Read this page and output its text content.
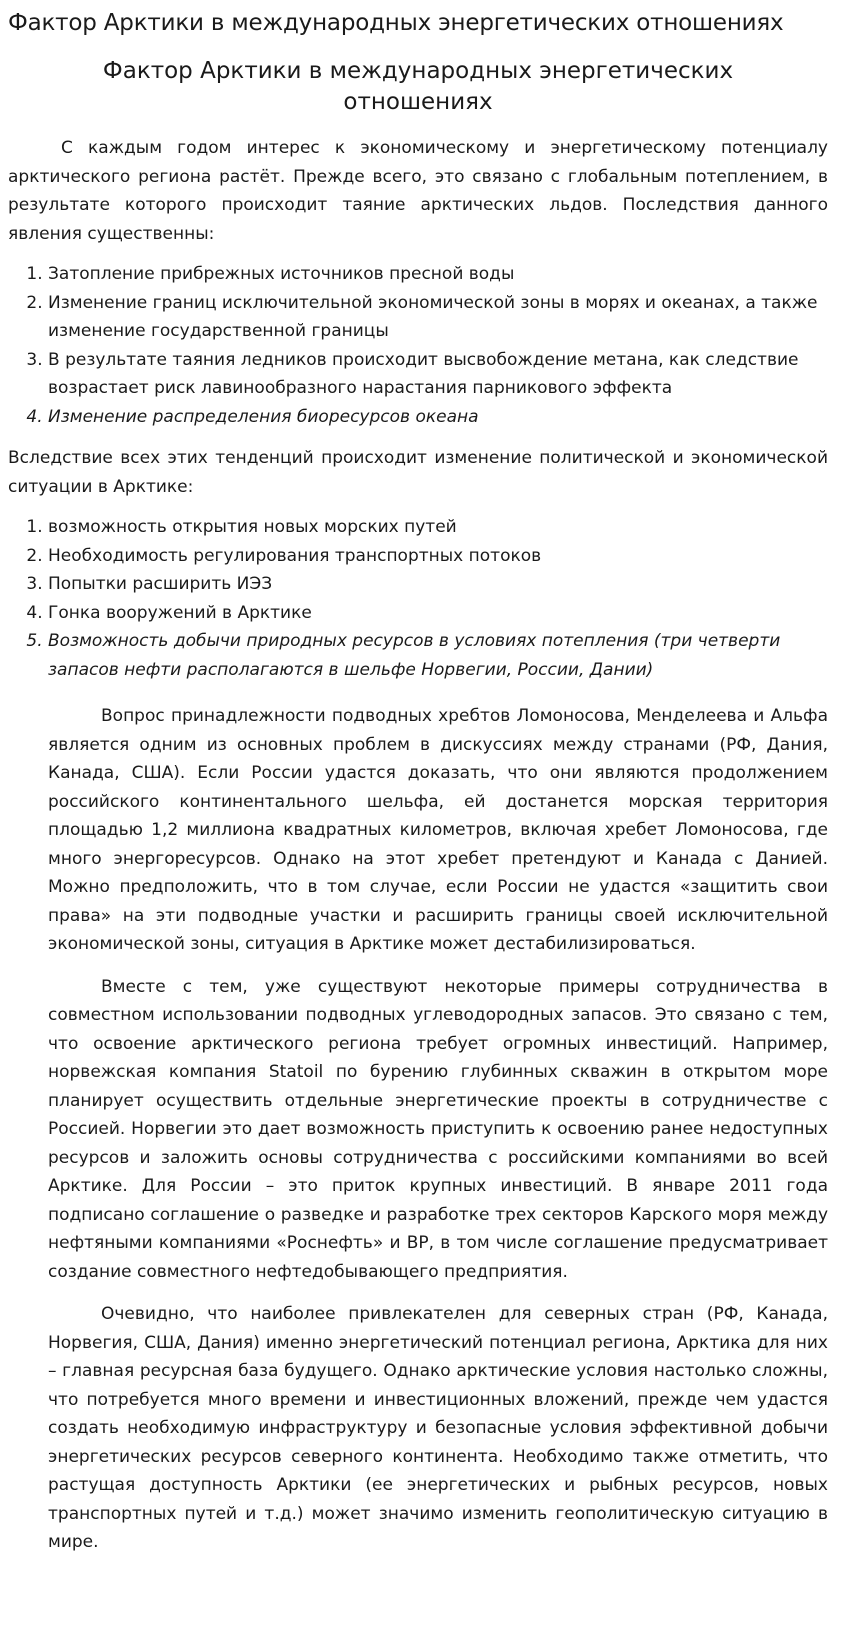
Фактор Арктики в международных энергетических отношениях
Фактор Арктики в международных энергетических отношениях

С каждым годом интерес к экономическому и энергетическому потенциалу арктического региона растёт. Прежде всего, это связано с глобальным потеплением, в результате которого происходит таяние арктических льдов. Последствия данного явления существенны:

1. Затопление прибрежных источников пресной воды
2. Изменение границ исключительной экономической зоны в морях и океанах, а также изменение государственной границы
3. В результате таяния ледников происходит высвобождение метана, как следствие возрастает риск лавинообразного нарастания парникового эффекта
4. Изменение распределения биоресурсов океана

Вследствие всех этих тенденций происходит изменение политической и экономической ситуации в Арктике:

1. возможность открытия новых морских путей
2. Необходимость регулирования транспортных потоков
3. Попытки расширить ИЭЗ
4. Гонка вооружений в Арктике
5. Возможность добычи природных ресурсов в условиях потепления (три четверти запасов нефти располагаются в шельфе Норвегии, России, Дании)

Вопрос принадлежности подводных хребтов Ломоносова, Менделеева и Альфа является одним из основных проблем в дискуссиях между странами (РФ, Дания, Канада, США). Если России удастся доказать, что они являются продолжением российского континентального шельфа, ей достанется морская территория площадью 1,2 миллиона квадратных километров, включая хребет Ломоносова, где много энергоресурсов. Однако на этот хребет претендуют и Канада с Данией. Можно предположить, что в том случае, если России не удастся «защитить свои права» на эти подводные участки и расширить границы своей исключительной экономической зоны, ситуация в Арктике может дестабилизироваться.

Вместе с тем, уже существуют некоторые примеры сотрудничества в совместном использовании подводных углеводородных запасов. Это связано с тем, что освоение арктического региона требует огромных инвестиций. Например, норвежская компания Statoil по бурению глубинных скважин в открытом море планирует осуществить отдельные энергетические проекты в сотрудничестве с Россией. Норвегии это дает возможность приступить к освоению ранее недоступных ресурсов и заложить основы сотрудничества с российскими компаниями во всей Арктике. Для России – это приток крупных инвестиций. В январе 2011 года подписано соглашение о разведке и разработке трех секторов Карского моря между нефтяными компаниями «Роснефть» и BP, в том числе соглашение предусматривает создание совместного нефтедобывающего предприятия.

Очевидно, что наиболее привлекателен для северных стран (РФ, Канада, Норвегия, США, Дания) именно энергетический потенциал региона, Арктика для них – главная ресурсная база будущего. Однако арктические условия настолько сложны, что потребуется много времени и инвестиционных вложений, прежде чем удастся создать необходимую инфраструктуру и безопасные условия эффективной добычи энергетических ресурсов северного континента. Необходимо также отметить, что растущая доступность Арктики (ее энергетических и рыбных ресурсов, новых транспортных путей и т.д.) может значимо изменить геополитическую ситуацию в мире.
